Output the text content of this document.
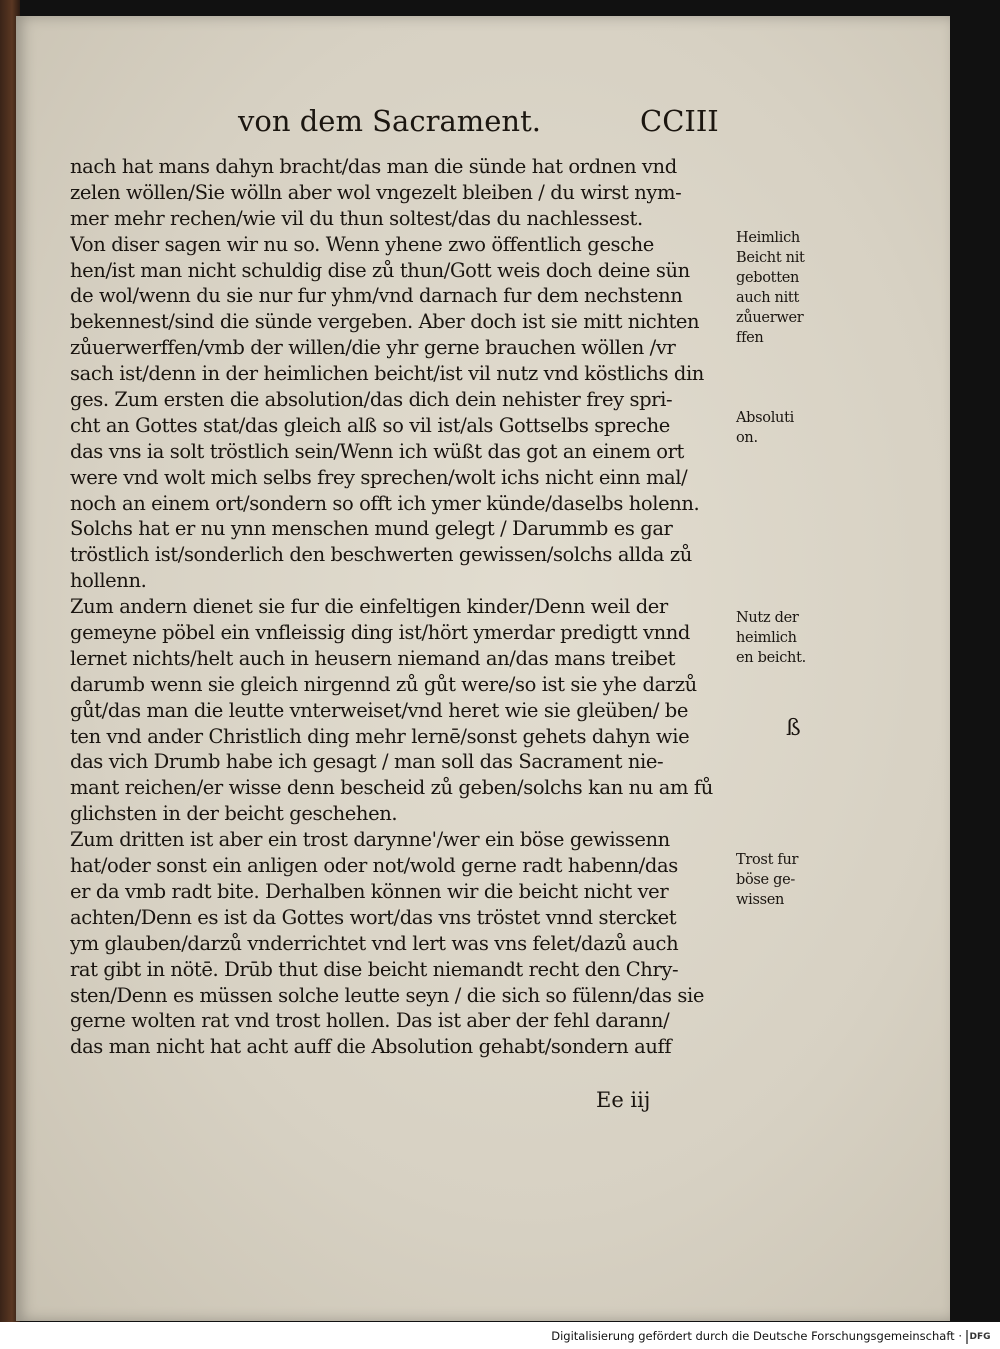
von dem Sacrament.	CCIII
nach hat mans dahyn bracht/das man die sünde hat ordnen vnd
zelen wöllen/Sie wölln aber wol vngezelt bleiben / du wirst nym-
mer mehr rechen/wie vil du thun soltest/das du nachlessest.
Von diser sagen wir nu so. Wenn yhene zwo öffentlich gesche
hen/ist man nicht schuldig dise zů thun/Gott weis doch deine sün
de wol/wenn du sie nur fur yhm/vnd darnach fur dem nechstenn
bekennest/sind die sünde vergeben. Aber doch ist sie mitt nichten
zůuerwerffen/vmb der willen/die yhr gerne brauchen wöllen /vr
sach ist/denn in der heimlichen beicht/ist vil nutz vnd köstlichs din
ges. Zum ersten die absolution/das dich dein nehister frey spri-
cht an Gottes stat/das gleich alß so vil ist/als Gottselbs spreche
das vns ia solt tröstlich sein/Wenn ich wüßt das got an einem ort
were vnd wolt mich selbs frey sprechen/wolt ichs nicht einn mal/
noch an einem ort/sondern so offt ich ymer künde/daselbs holenn.
Solchs hat er nu ynn menschen mund gelegt / Darummb es gar
tröstlich ist/sonderlich den beschwerten gewissen/solchs allda zů
hollenn.
Zum andern dienet sie fur die einfeltigen kinder/Denn weil der
gemeyne pöbel ein vnfleissig ding ist/hört ymerdar predigtt vnnd
lernet nichts/helt auch in heusern niemand an/das mans treibet
darumb wenn sie gleich nirgennd zů gůt were/so ist sie yhe darzů
gůt/das man die leutte vnterweiset/vnd heret wie sie gleüben/ be
ten vnd ander Christlich ding mehr lernē/sonst gehets dahyn wie
das vich Drumb habe ich gesagt / man soll das Sacrament nie-
mant reichen/er wisse denn bescheid zů geben/solchs kan nu am fů
glichsten in der beicht geschehen.
Zum dritten ist aber ein trost darynne'/wer ein böse gewissenn
hat/oder sonst ein anligen oder not/wold gerne radt habenn/das
er da vmb radt bite. Derhalben können wir die beicht nicht ver
achten/Denn es ist da Gottes wort/das vns tröstet vnnd stercket
ym glauben/darzů vnderrichtet vnd lert was vns felet/dazů auch
rat gibt in nötē. Drūb thut dise beicht niemandt recht den Chry-
sten/Denn es müssen solche leutte seyn / die sich so fülenn/das sie
gerne wolten rat vnd trost hollen. Das ist aber der fehl darann/
das man nicht hat acht auff die Absolution gehabt/sondern auff
Heimlich
Beicht nit
gebotten
auch nitt
zůuerwer
ffen
Absoluti
on.
Nutz der
heimlich
en beicht.
Trost fur
böse ge-
wissen
ß
Ee iij
Digitalisierung gefördert durch die Deutsche Forschungsgemeinschaft · DFG
